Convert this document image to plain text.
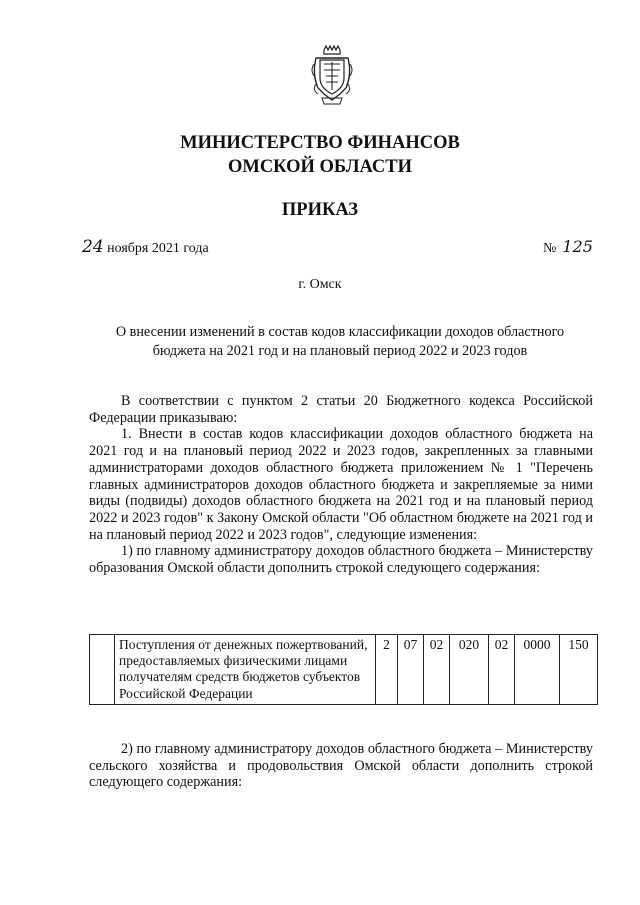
МИНИСТЕРСТВО ФИНАНСОВ
ОМСКОЙ ОБЛАСТИ
ПРИКАЗ
24 ноября 2021 года	№ 125
г. Омск
О внесении изменений в состав кодов классификации доходов областного
бюджета на 2021 год и на плановый период 2022 и 2023 годов

В соответствии с пунктом 2 статьи 20 Бюджетного кодекса Российской Федерации приказываю:

1. Внести в состав кодов классификации доходов областного бюджета на 2021 год и на плановый период 2022 и 2023 годов, закрепленных за главными администраторами доходов областного бюджета приложением № 1 "Перечень главных администраторов доходов областного бюджета и закрепляемые за ними виды (подвиды) доходов областного бюджета на 2021 год и на плановый период 2022 и 2023 годов" к Закону Омской области "Об областном бюджете на 2021 год и на плановый период 2022 и 2023 годов", следующие изменения:

1) по главному администратору доходов областного бюджета – Министерству образования Омской области дополнить строкой следующего содержания:

	Поступления от денежных пожертвований, предоставляемых физическими лицами получателям средств бюджетов субъектов Российской Федерации	2	07	02	020	02	0000	150

2) по главному администратору доходов областного бюджета – Министерству сельского хозяйства и продовольствия Омской области дополнить строкой следующего содержания:
